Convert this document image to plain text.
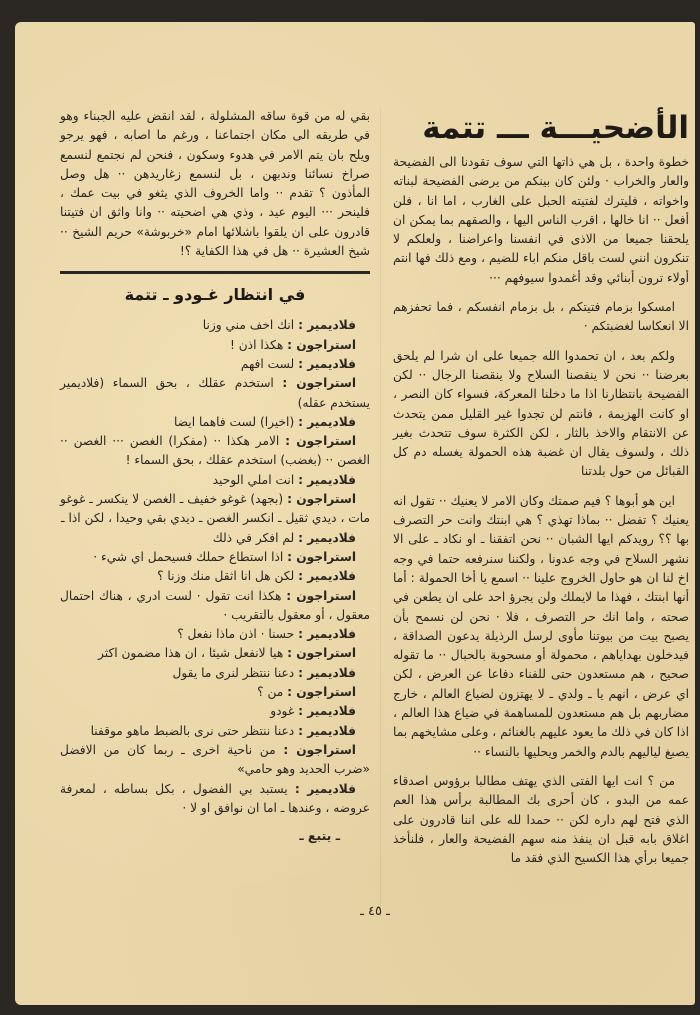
الأضحيـــة ـــ تتمة

خطوة واحدة ، بل هي ذاتها التي سوف تقودنا الى الفضيحة والعار والخراب · ولئن كان بينكم من يرضى الفضيحة لبناته واخواته ، فليترك لفتيته الحبل على الغارب ، اما انا ، فلن أفعل ·· انا خالها ، اقرب الناس اليها ، والصقهم بما يمكن ان يلحقنا جميعا من الاذى في انفسنا واعراضنا ، ولعلكم لا تنكرون انني لست باقل منكم اباء للضيم ، ومع ذلك فها انتم أولاء ترون أبنائي وقد أغمدوا سيوفهم ···

امسكوا بزمام فتيتكم ، بل بزمام انفسكم ، فما تحفزهم الا انعكاسا لغضبتكم ·

ولكم بعد ، ان تحمدوا الله جميعا على ان شرا لم يلحق بعرضنا ·· نحن لا ينقصنا السلاح ولا ينقصنا الرجال ·· لكن الفضيحة بانتظارنا اذا ما دخلنا المعركة، فسواء كان النصر ، او كانت الهزيمة ، فانتم لن تجدوا غير القليل ممن يتحدث عن الانتقام والاخذ بالثار ، لكن الكثرة سوف تتحدث بغير ذلك ، ولسوف يقال ان غضبة هذه الحمولة يغسله دم كل القبائل من حول بلدتنا

اين هو أبوها ؟ فيم صمتك وكان الامر لا يعنيك ·· تقول انه يعنيك ؟ تفضل ·· بماذا تهذي ؟ هي ابنتك وانت حر التصرف بها ؟؟ رويدكم ايها الشبان ·· نحن اتفقنا ـ او نكاد ـ على الا نشهر السلاح في وجه عدونا ، ولكننا سنرفعه حتما في وجه اخ لنا ان هو حاول الخروج علينا ·· اسمع يا أخا الحمولة : أما أنها ابنتك ، فهذا ما لايملك ولن يجرؤ احد على ان يطعن في صحته ، واما انك حر التصرف ، فلا · نحن لن نسمح بأن يصبح بيت من بيوتنا مأوى لرسل الرذيلة يدعون الصداقة ، فيدخلون بهداياهم ، محمولة أو مسحوبة بالحبال ·· ما تقوله صحيح ، هم مستعدون حتى للفناء دفاعا عن العرض ، لكن اي عرض ، انهم يا ـ ولدي ـ لا يهتزون لضياع العالم ، خارج مضاربهم بل هم مستعدون للمساهمة في ضياع هذا العالم ، اذا كان في ذلك ما يعود عليهم بالغنائم ، وعلى مشايخهم بما يصبغ لياليهم بالدم والخمر ويحليها بالنساء ··

من ؟ انت ايها الفتى الذي يهتف مطالبا برؤوس اصدقاء عمه من البدو ، كان أحرى بك المطالبة برأس هذا العم الذي فتح لهم داره لكن ·· حمدا لله على اننا قادرون على اغلاق بابه قبل ان ينفذ منه سهم الفضيحة والعار ، فلنأخذ جميعا برأي هذا الكسيح الذي فقد ما

بقي له من قوة ساقه المشلولة ، لقد انقض عليه الجبناء وهو في طريقه الى مكان اجتماعنا ، ورغم ما اصابه ، فهو يرجو ويلح بان يتم الامر في هدوء وسكون ، فنحن لم نجتمع لنسمع صراخ نسائنا وندبهن ، بل لنسمع زغاريدهن ·· هل وصل المأذون ؟ تقدم ·· واما الخروف الذي يثغو في بيت عمك ، فلينحر ··· اليوم عيد ، وذي هي اضحيته ·· وانا واثق ان فتيتنا قادرون على ان يلقوا باشلائها امام «خربوشة» حريم الشيخ ·· شيخ العشيرة ·· هل في هذا الكفاية ؟!

في انتظار غـودو ـ تتمة
فلاديمير : انك اخف مني وزنا
استراجون : هكذا اذن !
فلاديمير : لست افهم
استراجون : استخدم عقلك ، بحق السماء (فلاديمير يستخدم عقله)
فلاديمير : (اخيرا) لست فاهما ايضا
استراجون : الامر هكذا ·· (مفكرا) الغصن ··· الغصن ·· الغصن ·· (بغضب) استخدم عقلك ، بحق السماء !
فلاديمير : انت املي الوحيد
استراجون : (بجهد) غوغو خفيف ـ الغصن لا ينكسر ـ غوغو مات ، ديدي ثقيل ـ انكسر الغصن ـ ديدي بقي وحيدا ، لكن اذا ـ
فلاديمير : لم افكر في ذلك
استراجون : اذا استطاع حملك فسيحمل اي شيء ·
فلاديمير : لكن هل انا اثقل منك وزنا ؟
استراجون : هكذا انت تقول · لست ادري ، هناك احتمال معقول ، أو معقول بالتقريب ·
فلاديمير : حسنا · اذن ماذا نفعل ؟
استراجون : هيا لانفعل شيئا ، ان هذا مضمون اكثر
فلاديمير : دعنا ننتظر لنرى ما يقول
استراجون : من ؟
فلاديمير : غودو
فلاديمير : دعنا ننتظر حتى نرى بالضبط ماهو موقفنا
استراجون : من ناحية اخرى ـ ربما كان من الافضل «ضرب الحديد وهو حامي»
فلاديمير : يستبد بي الفضول ، بكل بساطه ، لمعرفة عروضه ، وعندها ـ اما ان نوافق او لا ·
ـ يتبع ـ
ـ ٤٥ ـ
